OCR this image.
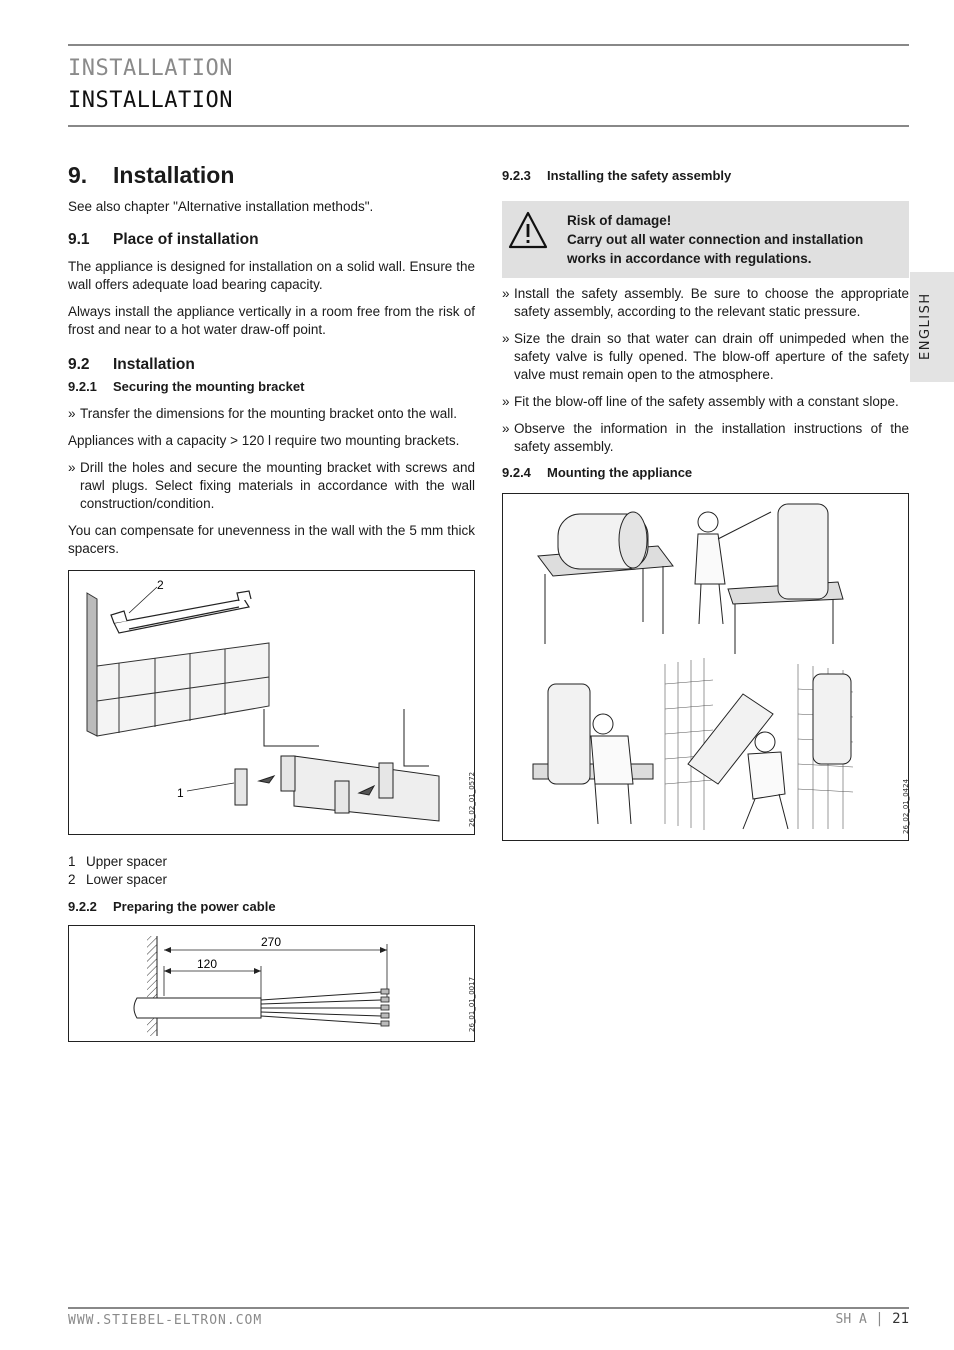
INSTALLATION
INSTALLATION
ENGLISH
9. Installation

See also chapter "Alternative installation methods".

9.1 Place of installation

The appliance is designed for installation on a solid wall. Ensure the wall offers adequate load bearing capacity.

Always install the appliance vertically in a room free from the risk of frost and near to a hot water draw-off point.

9.2 Installation
9.2.1 Securing the mounting bracket
» Transfer the dimensions for the mounting bracket onto the wall.

Appliances with a capacity > 120 l require two mounting brackets.

» Drill the holes and secure the mounting bracket with screws and rawl plugs. Select fixing materials in accordance with the wall construction/condition.

You can compensate for unevenness in the wall with the 5 mm thick spacers.

2
1	26_02_01_0572
1 Upper spacer
2 Lower spacer
9.2.2 Preparing the power cable
270
120
26_01_01_0017
9.2.3 Installing the safety assembly
Risk of damage!
Carry out all water connection and installation works in accordance with regulations.
» Install the safety assembly. Be sure to choose the appropriate safety assembly, according to the relevant static pressure.
» Size the drain so that water can drain off unimpeded when the safety valve is fully opened. The blow-off aperture of the safety valve must remain open to the atmosphere.
» Fit the blow-off line of the safety assembly with a constant slope.
» Observe the information in the installation instructions of the safety assembly.
9.2.4 Mounting the appliance
26_02_01_0424
WWW.STIEBEL-ELTRON.COM	SH A | 21
